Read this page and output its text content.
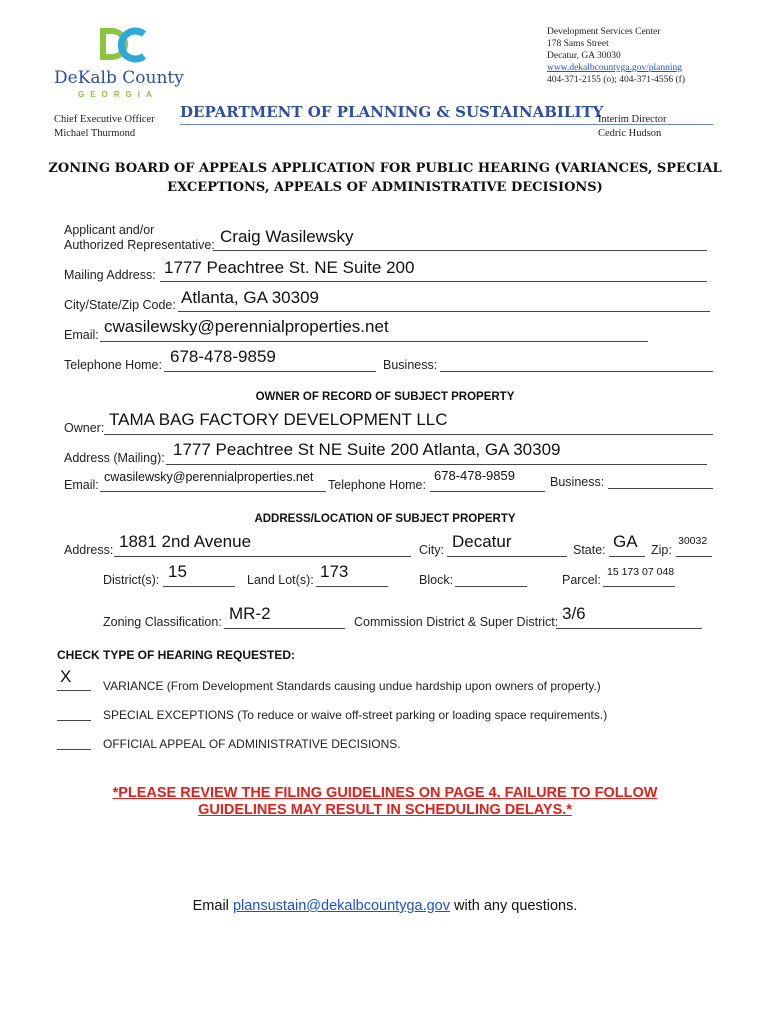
DeKalb County
GEORGIA
Development Services Center
178 Sams Street
Decatur, GA 30030
www.dekalbcountyga.gov/planning
404-371-2155 (o); 404-371-4556 (f)
Chief Executive Officer
Michael Thurmond
DEPARTMENT OF PLANNING & SUSTAINABILITY
Interim Director
Cedric Hudson
ZONING BOARD OF APPEALS APPLICATION FOR PUBLIC HEARING (VARIANCES, SPECIAL
EXCEPTIONS, APPEALS OF ADMINISTRATIVE DECISIONS)
Applicant and/or
Authorized Representative: Craig Wasilewsky
Mailing Address: 1777 Peachtree St. NE Suite 200
City/State/Zip Code: Atlanta, GA 30309
Email: cwasilewsky@perennialproperties.net
Telephone Home: 678-478-9859	Business:
OWNER OF RECORD OF SUBJECT PROPERTY
Owner: TAMA BAG FACTORY DEVELOPMENT LLC
Address (Mailing): 1777 Peachtree St NE Suite 200 Atlanta, GA 30309
Email:
cwasilewsky@perennialproperties.net
Telephone Home:
678-478-9859	Business:
ADDRESS/LOCATION OF SUBJECT PROPERTY
Address: 1881 2nd Avenue	City: Decatur	State: GA Zip:
30032
District(s): 15	Land Lot(s): 173	Block:	Parcel:
15 173 07 048
Zoning Classification: MR-2	Commission District & Super District: 3/6
CHECK TYPE OF HEARING REQUESTED:
X	VARIANCE (From Development Standards causing undue hardship upon owners of property.)
SPECIAL EXCEPTIONS (To reduce or waive off-street parking or loading space requirements.)
OFFICIAL APPEAL OF ADMINISTRATIVE DECISIONS.
*PLEASE REVIEW THE FILING GUIDELINES ON PAGE 4. FAILURE TO FOLLOW
GUIDELINES MAY RESULT IN SCHEDULING DELAYS.*
Email plansustain@dekalbcountyga.gov with any questions.
